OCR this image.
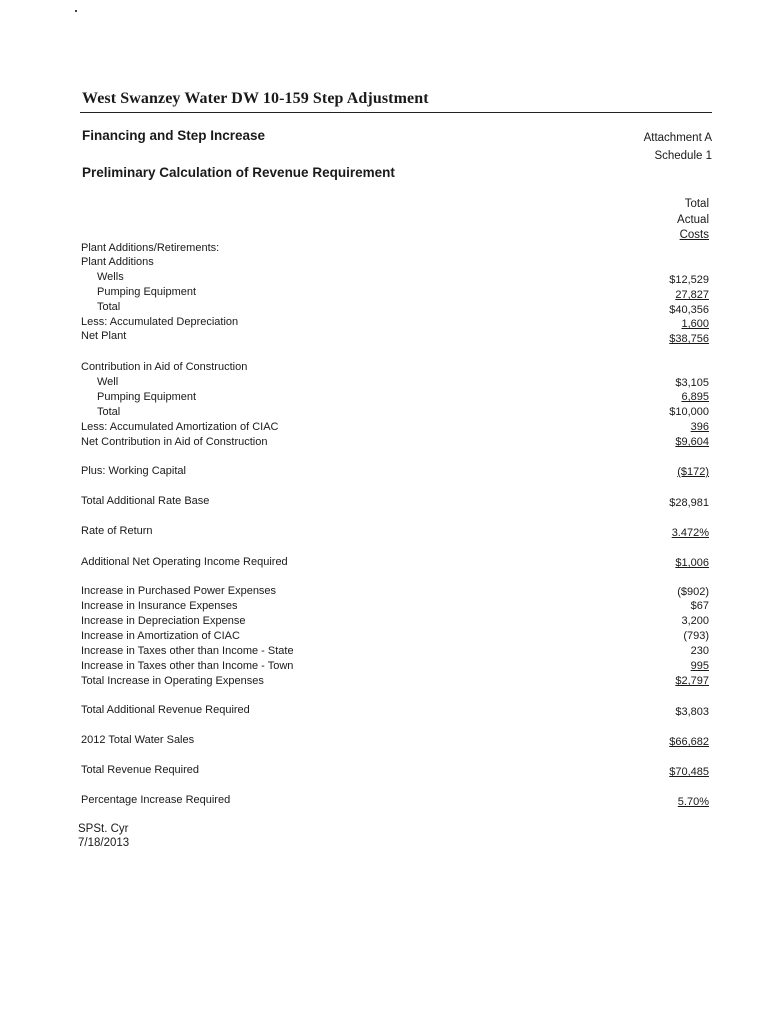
West Swanzey Water DW 10-159 Step Adjustment
Financing and Step Increase
Preliminary Calculation of Revenue Requirement
Attachment A
Schedule 1
Total
Actual
Costs
Plant Additions/Retirements:
Plant Additions
Wells	$12,529
Pumping Equipment	27,827
Total	$40,356
Less: Accumulated Depreciation	1,600
Net Plant	$38,756
Contribution in Aid of Construction
Well	$3,105
Pumping Equipment	6,895
Total	$10,000
Less: Accumulated Amortization of CIAC	396
Net Contribution in Aid of Construction	$9,604
Plus: Working Capital	($172)
Total Additional Rate Base	$28,981
Rate of Return	3.472%
Additional Net Operating Income Required	$1,006
Increase in Purchased Power Expenses	($902)
Increase in Insurance Expenses	$67
Increase in Depreciation Expense	3,200
Increase in Amortization of CIAC	(793)
Increase in Taxes other than Income - State	230
Increase in Taxes other than Income - Town	995
Total Increase in Operating Expenses	$2,797
Total Additional Revenue Required	$3,803
2012 Total Water Sales	$66,682
Total Revenue Required	$70,485
Percentage Increase Required	5.70%
SPSt. Cyr
7/18/2013
